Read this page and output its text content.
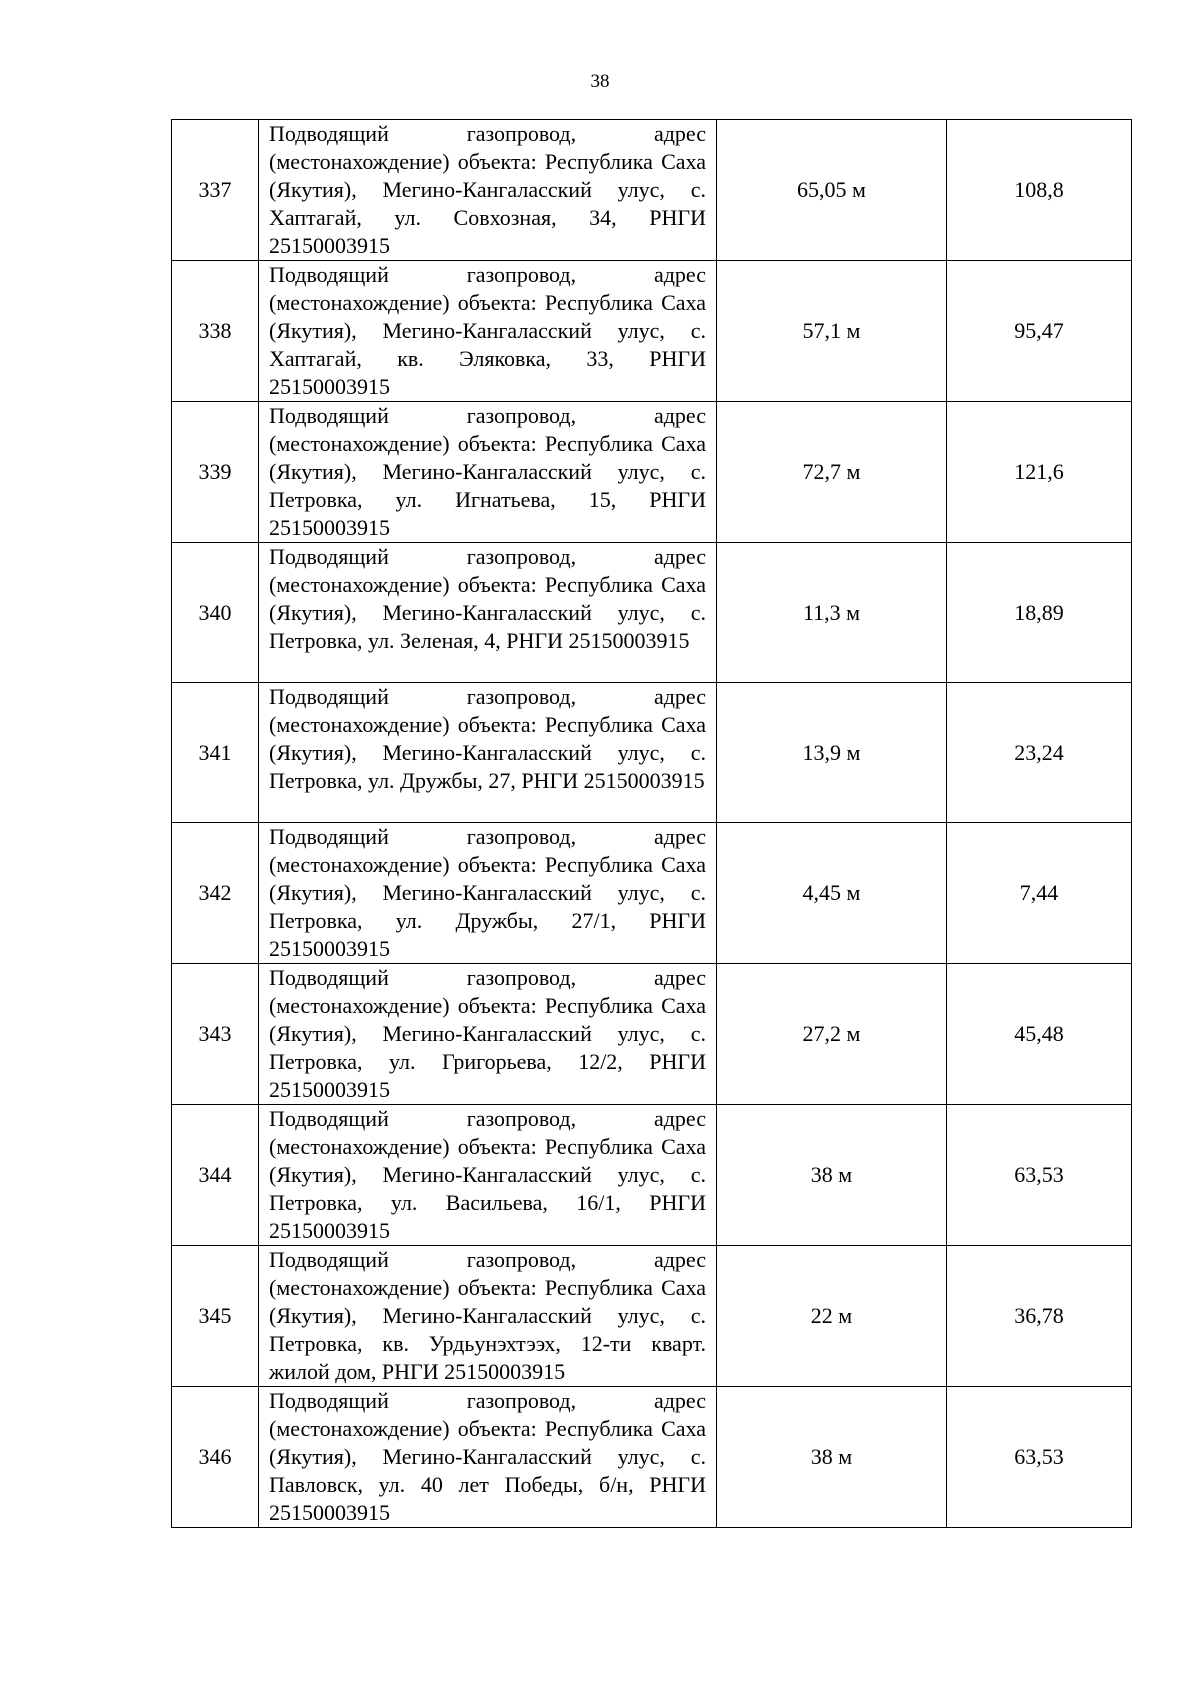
38
337	Подводящий газопровод, адрес (местонахождение) объекта: Республика Саха (Якутия), Мегино-Кангаласский улус, с. Хаптагай, ул. Совхозная, 34, РНГИ 25150003915	65,05 м	108,8
338	Подводящий газопровод, адрес (местонахождение) объекта: Республика Саха (Якутия), Мегино-Кангаласский улус, с. Хаптагай, кв. Эляковка, 33, РНГИ 25150003915	57,1 м	95,47
339	Подводящий газопровод, адрес (местонахождение) объекта: Республика Саха (Якутия), Мегино-Кангаласский улус, с. Петровка, ул. Игнатьева, 15, РНГИ 25150003915	72,7 м	121,6
340	Подводящий газопровод, адрес (местонахождение) объекта: Республика Саха (Якутия), Мегино-Кангаласский улус, с. Петровка, ул. Зеленая, 4, РНГИ 25150003915	11,3 м	18,89
341	Подводящий газопровод, адрес (местонахождение) объекта: Республика Саха (Якутия), Мегино-Кангаласский улус, с. Петровка, ул. Дружбы, 27, РНГИ 25150003915	13,9 м	23,24
342	Подводящий газопровод, адрес (местонахождение) объекта: Республика Саха (Якутия), Мегино-Кангаласский улус, с. Петровка, ул. Дружбы, 27/1, РНГИ 25150003915	4,45 м	7,44
343	Подводящий газопровод, адрес (местонахождение) объекта: Республика Саха (Якутия), Мегино-Кангаласский улус, с. Петровка, ул. Григорьева, 12/2, РНГИ 25150003915	27,2 м	45,48
344	Подводящий газопровод, адрес (местонахождение) объекта: Республика Саха (Якутия), Мегино-Кангаласский улус, с. Петровка, ул. Васильева, 16/1, РНГИ 25150003915	38 м	63,53
345	Подводящий газопровод, адрес (местонахождение) объекта: Республика Саха (Якутия), Мегино-Кангаласский улус, с. Петровка, кв. Урдьунэхтээх, 12-ти кварт. жилой дом, РНГИ 25150003915	22 м	36,78
346	Подводящий газопровод, адрес (местонахождение) объекта: Республика Саха (Якутия), Мегино-Кангаласский улус, с. Павловск, ул. 40 лет Победы, б/н, РНГИ 25150003915	38 м	63,53
